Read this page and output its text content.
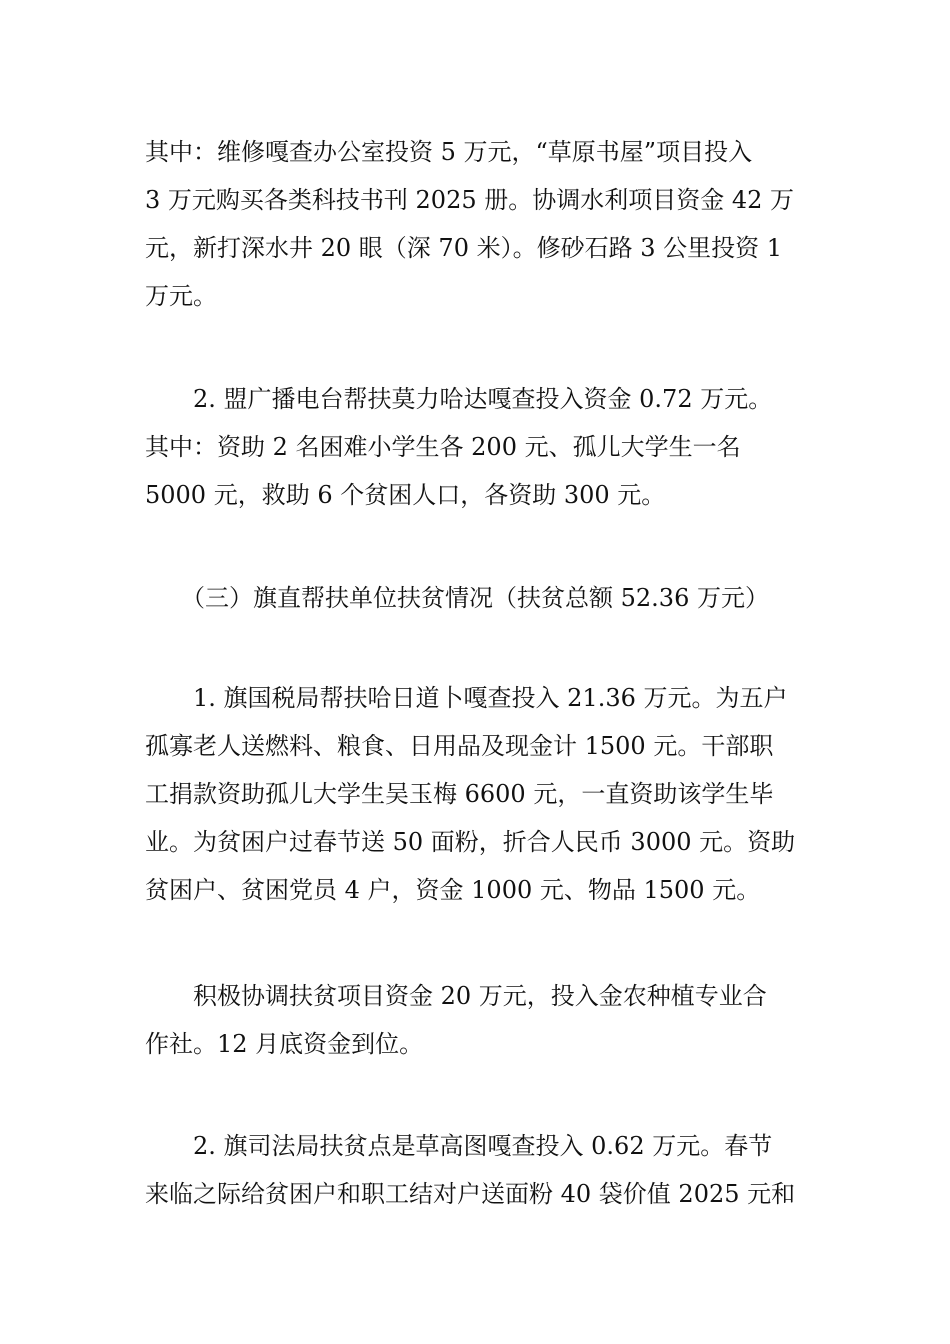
其中：维修嘎查办公室投资 5 万元，“草原书屋”项目投入
3 万元购买各类科技书刊 2025 册。协调水利项目资金 42 万
元，新打深水井 20 眼（深 70 米）。修砂石路 3 公里投资 1
万元。
　　2. 盟广播电台帮扶莫力哈达嘎查投入资金 0.72 万元。
其中：资助 2 名困难小学生各 200 元、孤儿大学生一名
5000 元，救助 6 个贫困人口，各资助 300 元。
　　（三）旗直帮扶单位扶贫情况（扶贫总额 52.36 万元）
　　1. 旗国税局帮扶哈日道卜嘎查投入 21.36 万元。为五户
孤寡老人送燃料、粮食、日用品及现金计 1500 元。干部职
工捐款资助孤儿大学生吴玉梅 6600 元，一直资助该学生毕
业。为贫困户过春节送 50 面粉，折合人民币 3000 元。资助
贫困户、贫困党员 4 户，资金 1000 元、物品 1500 元。
　　积极协调扶贫项目资金 20 万元，投入金农种植专业合
作社。12 月底资金到位。
　　2. 旗司法局扶贫点是草高图嘎查投入 0.62 万元。春节
来临之际给贫困户和职工结对户送面粉 40 袋价值 2025 元和
